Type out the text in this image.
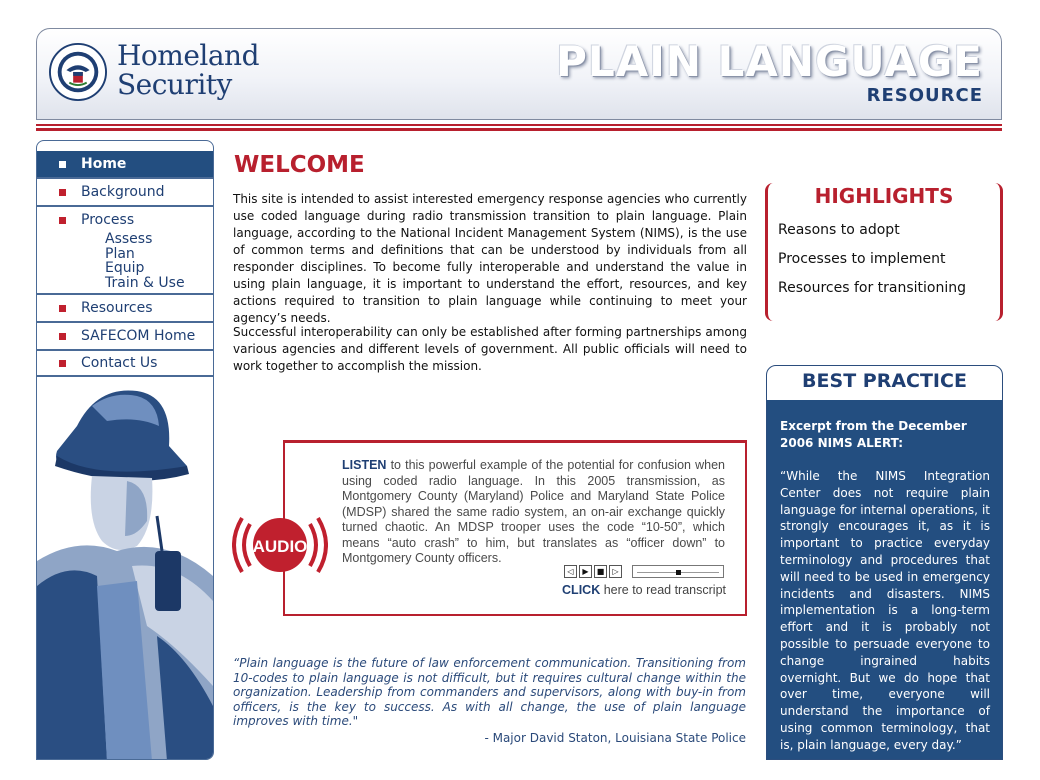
Homeland
Security	PLAIN LANGUAGE
RESOURCE
Home
Background
Process
Assess
Plan
Equip
Train & Use
Resources
SAFECOM Home
Contact Us
WELCOME

This site is intended to assist interested emergency response agencies who currently use coded language during radio transmission transition to plain language. Plain language, according to the National Incident Management System (NIMS), is the use of common terms and definitions that can be understood by individuals from all responder disciplines. To become fully interoperable and understand the value in using plain language, it is important to understand the effort, resources, and key actions required to transition to plain language while continuing to meet your agency’s needs.

Successful interoperability can only be established after forming partnerships among various agencies and different levels of government. All public officials will need to work together to accomplish the mission.

AUDIO

LISTEN to this powerful example of the potential for confusion when using coded radio language. In this 2005 transmission, as Montgomery County (Maryland) Police and Maryland State Police (MDSP) shared the same radio system, an on-air exchange quickly turned chaotic. An MDSP trooper uses the code “10-50”, which means “auto crash” to him, but translates as “officer down” to Montgomery County officers.

◁	▶	■	▷

CLICK here to read transcript

“Plain language is the future of law enforcement communication. Transitioning from 10-codes to plain language is not difficult, but it requires cultural change within the organization. Leadership from commanders and supervisors, along with buy-in from officers, is the key to success. As with all change, the use of plain language improves with time."

- Major David Staton, Louisiana State Police

HIGHLIGHTS
Reasons to adopt
Processes to implement
Resources for transitioning
BEST PRACTICE

Excerpt from the December 2006 NIMS ALERT:

“While the NIMS Integration Center does not require plain language for internal operations, it strongly encourages it, as it is important to practice everyday terminology and procedures that will need to be used in emergency incidents and disasters. NIMS implementation is a long-term effort and it is probably not possible to persuade everyone to change ingrained habits overnight. But we do hope that over time, everyone will understand the importance of using common terminology, that is, plain language, every day.”
